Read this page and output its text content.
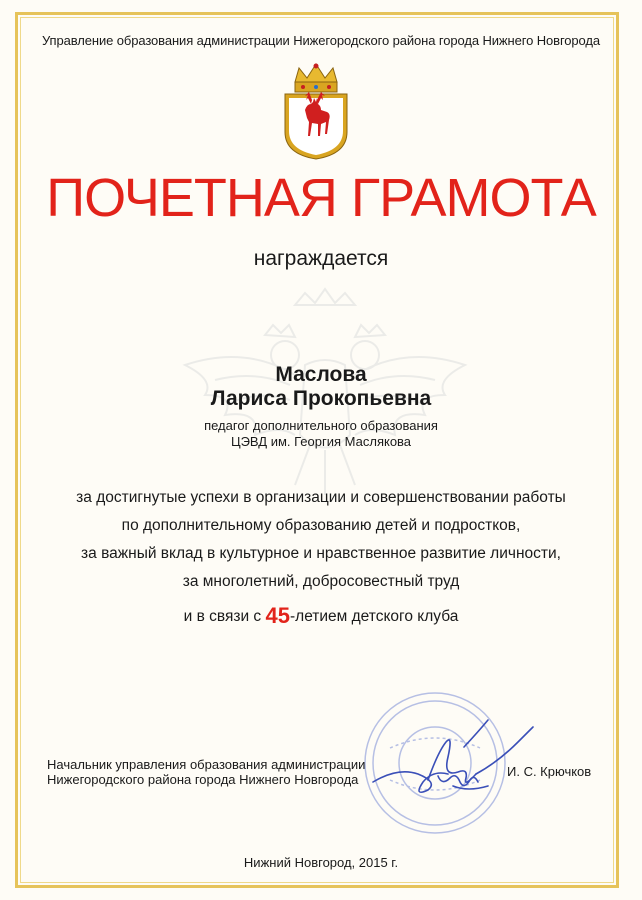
Управление образования администрации Нижегородского района города Нижнего Новгорода
ПОЧЕТНАЯ ГРАМОТА
награждается
Маслова
Лариса Прокопьевна
педагог дополнительного образования
ЦЭВД им. Георгия Маслякова
за достигнутые успехи в организации и совершенствовании работы
по дополнительному образованию детей и подростков,
за важный вклад в культурное и нравственное развитие личности,
за многолетний, добросовестный труд
и в связи с 45-летием детского клуба
Начальник управления образования администрации
Нижегородского района города Нижнего Новгорода
И. С. Крючков
Нижний Новгород, 2015 г.
